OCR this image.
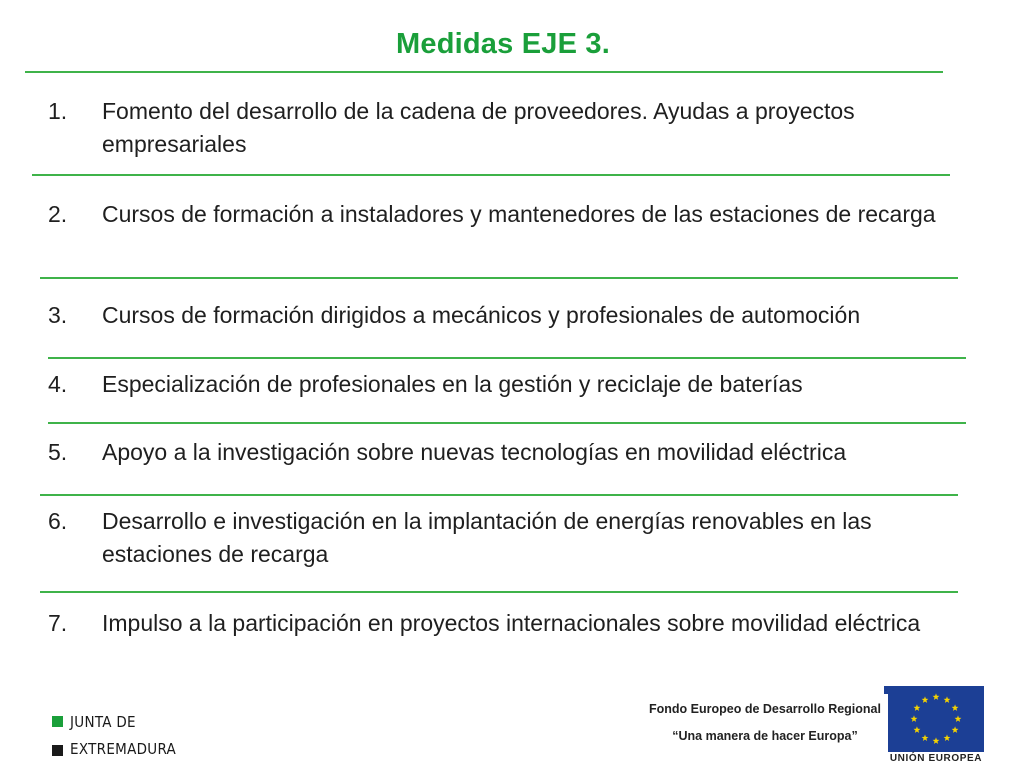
Medidas EJE 3.
1.	Fomento del desarrollo de la cadena de proveedores. Ayudas a proyectos empresariales
2.	Cursos de formación a instaladores y mantenedores de las estaciones de recarga
3.	Cursos de formación dirigidos a mecánicos y profesionales de automoción
4.	Especialización de profesionales en la gestión y reciclaje de baterías
5.	Apoyo a la investigación sobre nuevas tecnologías en movilidad eléctrica
6.	Desarrollo e investigación en la implantación de energías renovables en las estaciones de recarga
7.	Impulso a la participación en proyectos internacionales sobre movilidad eléctrica
JUNTA DE
EXTREMADURA
Fondo Europeo de Desarrollo Regional
“Una manera de hacer Europa”
UNIÓN EUROPEA
